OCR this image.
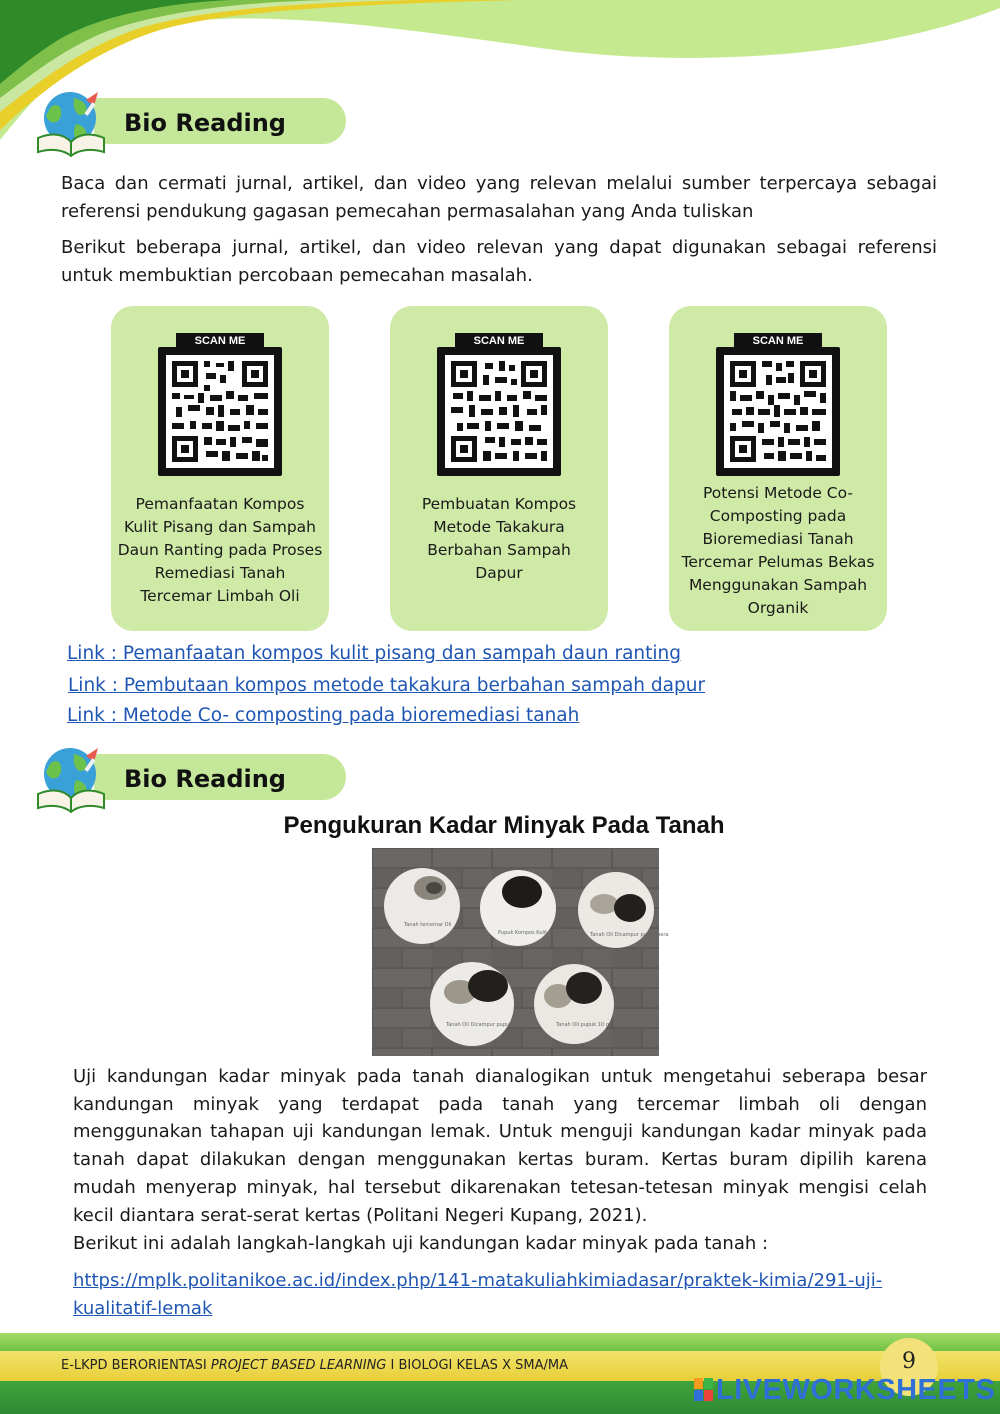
Bio Reading
Baca dan cermati jurnal, artikel, dan video yang relevan melalui sumber terpercaya sebagai referensi pendukung gagasan pemecahan permasalahan yang Anda tuliskan
Berikut beberapa jurnal, artikel, dan video relevan yang dapat digunakan sebagai referensi untuk membuktian percobaan pemecahan masalah.
SCAN ME
Pemanfaatan Kompos Kulit Pisang dan Sampah Daun Ranting pada Proses Remediasi Tanah Tercemar Limbah Oli
SCAN ME
Pembuatan Kompos Metode Takakura Berbahan Sampah Dapur
SCAN ME
Potensi Metode Co-Composting pada Bioremediasi Tanah Tercemar Pelumas Bekas Menggunakan Sampah Organik
Link : Pemanfaatan kompos kulit pisang dan sampah daun ranting
Link : Pembutaan kompos metode takakura berbahan sampah dapur
Link : Metode Co- composting pada bioremediasi tanah
Bio Reading
Pengukuran Kadar Minyak Pada Tanah
Tanah tercemar Oli
Pupuk Kompos Kulit Pisang	Tanah Oli Dicampur pupuk sera
Tanah Oli Dicampur pupuk 20 g	Tanah Oli pupuk 10 g
Uji kandungan kadar minyak pada tanah dianalogikan untuk mengetahui seberapa besar kandungan minyak yang terdapat pada tanah yang tercemar limbah oli dengan menggunakan tahapan uji kandungan lemak. Untuk menguji kandungan kadar minyak pada tanah dapat dilakukan dengan menggunakan kertas buram. Kertas buram dipilih karena mudah menyerap minyak, hal tersebut dikarenakan tetesan-tetesan minyak mengisi celah kecil diantara serat-serat kertas (Politani Negeri Kupang, 2021).
Berikut ini adalah langkah-langkah uji kandungan kadar minyak pada tanah :
https://mplk.politanikoe.ac.id/index.php/141-matakuliahkimiadasar/praktek-kimia/291-uji-kualitatif-lemak
E-LKPD BERORIENTASI PROJECT BASED LEARNING I BIOLOGI KELAS X SMA/MA	9
LIVEWORKSHEETS
